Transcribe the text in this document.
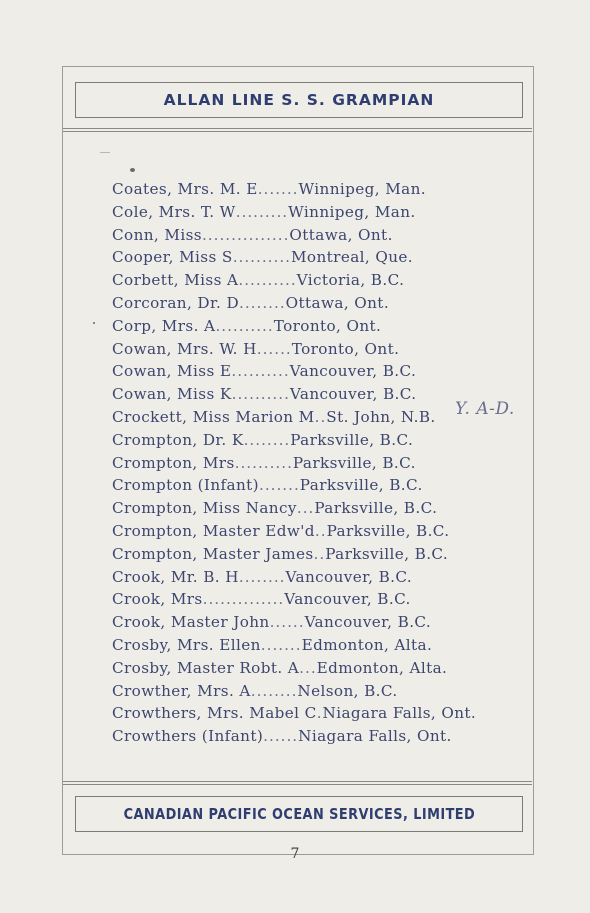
ALLAN LINE S. S. GRAMPIAN
Coates, Mrs. M. E.......Winnipeg, Man.
Cole, Mrs. T. W.........Winnipeg, Man.
Conn, Miss...............Ottawa, Ont.
Cooper, Miss S..........Montreal, Que.
Corbett, Miss A..........Victoria, B.C.
Corcoran, Dr. D........Ottawa, Ont.
Corp, Mrs. A..........Toronto, Ont.
Cowan, Mrs. W. H......Toronto, Ont.
Cowan, Miss E..........Vancouver, B.C.
Cowan, Miss K..........Vancouver, B.C.
Crockett, Miss Marion M..St. John, N.B.
Crompton, Dr. K........Parksville, B.C.
Crompton, Mrs..........Parksville, B.C.
Crompton (Infant).......Parksville, B.C.
Crompton, Miss Nancy...Parksville, B.C.
Crompton, Master Edw'd..Parksville, B.C.
Crompton, Master James..Parksville, B.C.
Crook, Mr. B. H........Vancouver, B.C.
Crook, Mrs..............Vancouver, B.C.
Crook, Master John......Vancouver, B.C.
Crosby, Mrs. Ellen.......Edmonton, Alta.
Crosby, Master Robt. A...Edmonton, Alta.
Crowther, Mrs. A........Nelson, B.C.
Crowthers, Mrs. Mabel C.Niagara Falls, Ont.
Crowthers (Infant)......Niagara Falls, Ont.
Y. A-D.
CANADIAN PACIFIC OCEAN SERVICES, LIMITED
7
